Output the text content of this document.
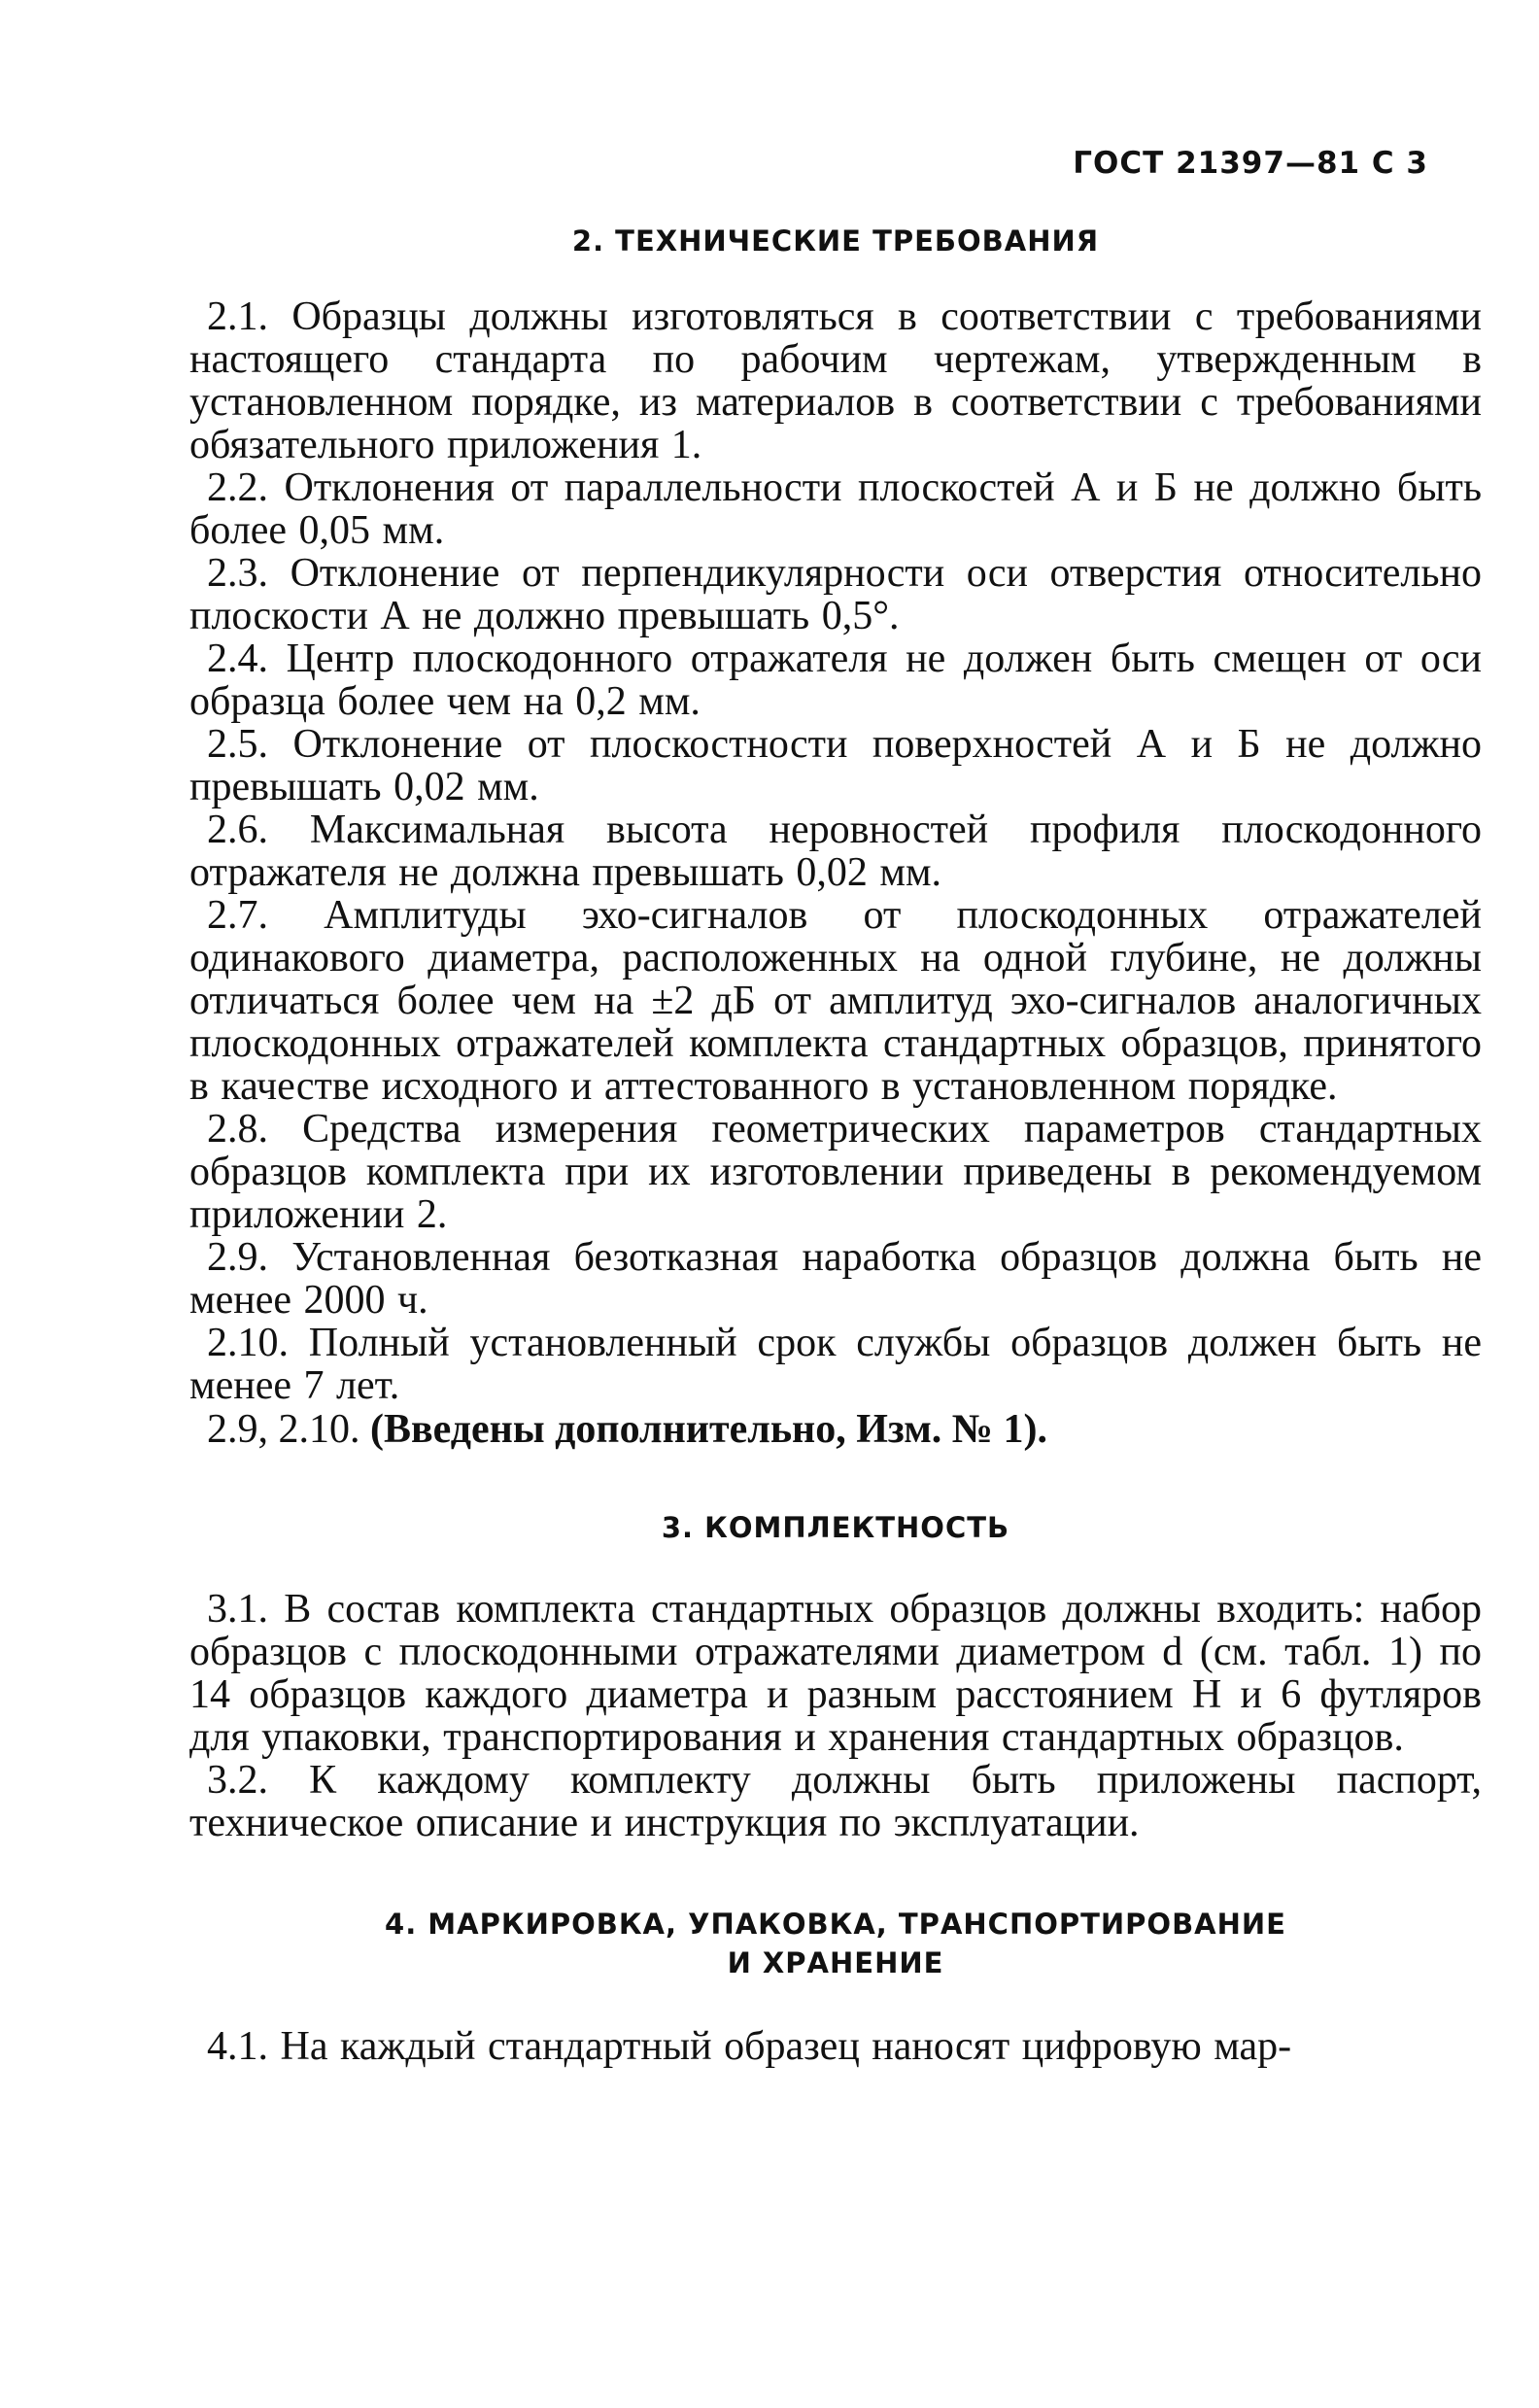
ГОСТ 21397—81 С 3
2. ТЕХНИЧЕСКИЕ ТРЕБОВАНИЯ

2.1. Образцы должны изготовляться в соответствии с требованиями настоящего стандарта по рабочим чертежам, утвержденным в установленном порядке, из материалов в соответствии с требованиями обязательного приложения 1.

2.2. Отклонения от параллельности плоскостей А и Б не должно быть более 0,05 мм.

2.3. Отклонение от перпендикулярности оси отверстия относительно плоскости А не должно превышать 0,5°.

2.4. Центр плоскодонного отражателя не должен быть смещен от оси образца более чем на 0,2 мм.

2.5. Отклонение от плоскостности поверхностей А и Б не должно превышать 0,02 мм.

2.6. Максимальная высота неровностей профиля плоскодонного отражателя не должна превышать 0,02 мм.

2.7. Амплитуды эхо-сигналов от плоскодонных отражателей одинакового диаметра, расположенных на одной глубине, не должны отличаться более чем на ±2 дБ от амплитуд эхо-сигналов аналогичных плоскодонных отражателей комплекта стандартных образцов, принятого в качестве исходного и аттестованного в установленном порядке.

2.8. Средства измерения геометрических параметров стандартных образцов комплекта при их изготовлении приведены в рекомендуемом приложении 2.

2.9. Установленная безотказная наработка образцов должна быть не менее 2000 ч.

2.10. Полный установленный срок службы образцов должен быть не менее 7 лет.

2.9, 2.10. (Введены дополнительно, Изм. № 1).

3. КОМПЛЕКТНОСТЬ

3.1. В состав комплекта стандартных образцов должны входить: набор образцов с плоскодонными отражателями диаметром d (см. табл. 1) по 14 образцов каждого диаметра и разным расстоянием Н и 6 футляров для упаковки, транспортирования и хранения стандартных образцов.

3.2. К каждому комплекту должны быть приложены паспорт, техническое описание и инструкция по эксплуатации.

4. МАРКИРОВКА, УПАКОВКА, ТРАНСПОРТИРОВАНИЕ
И ХРАНЕНИЕ

4.1. На каждый стандартный образец наносят цифровую мар-
